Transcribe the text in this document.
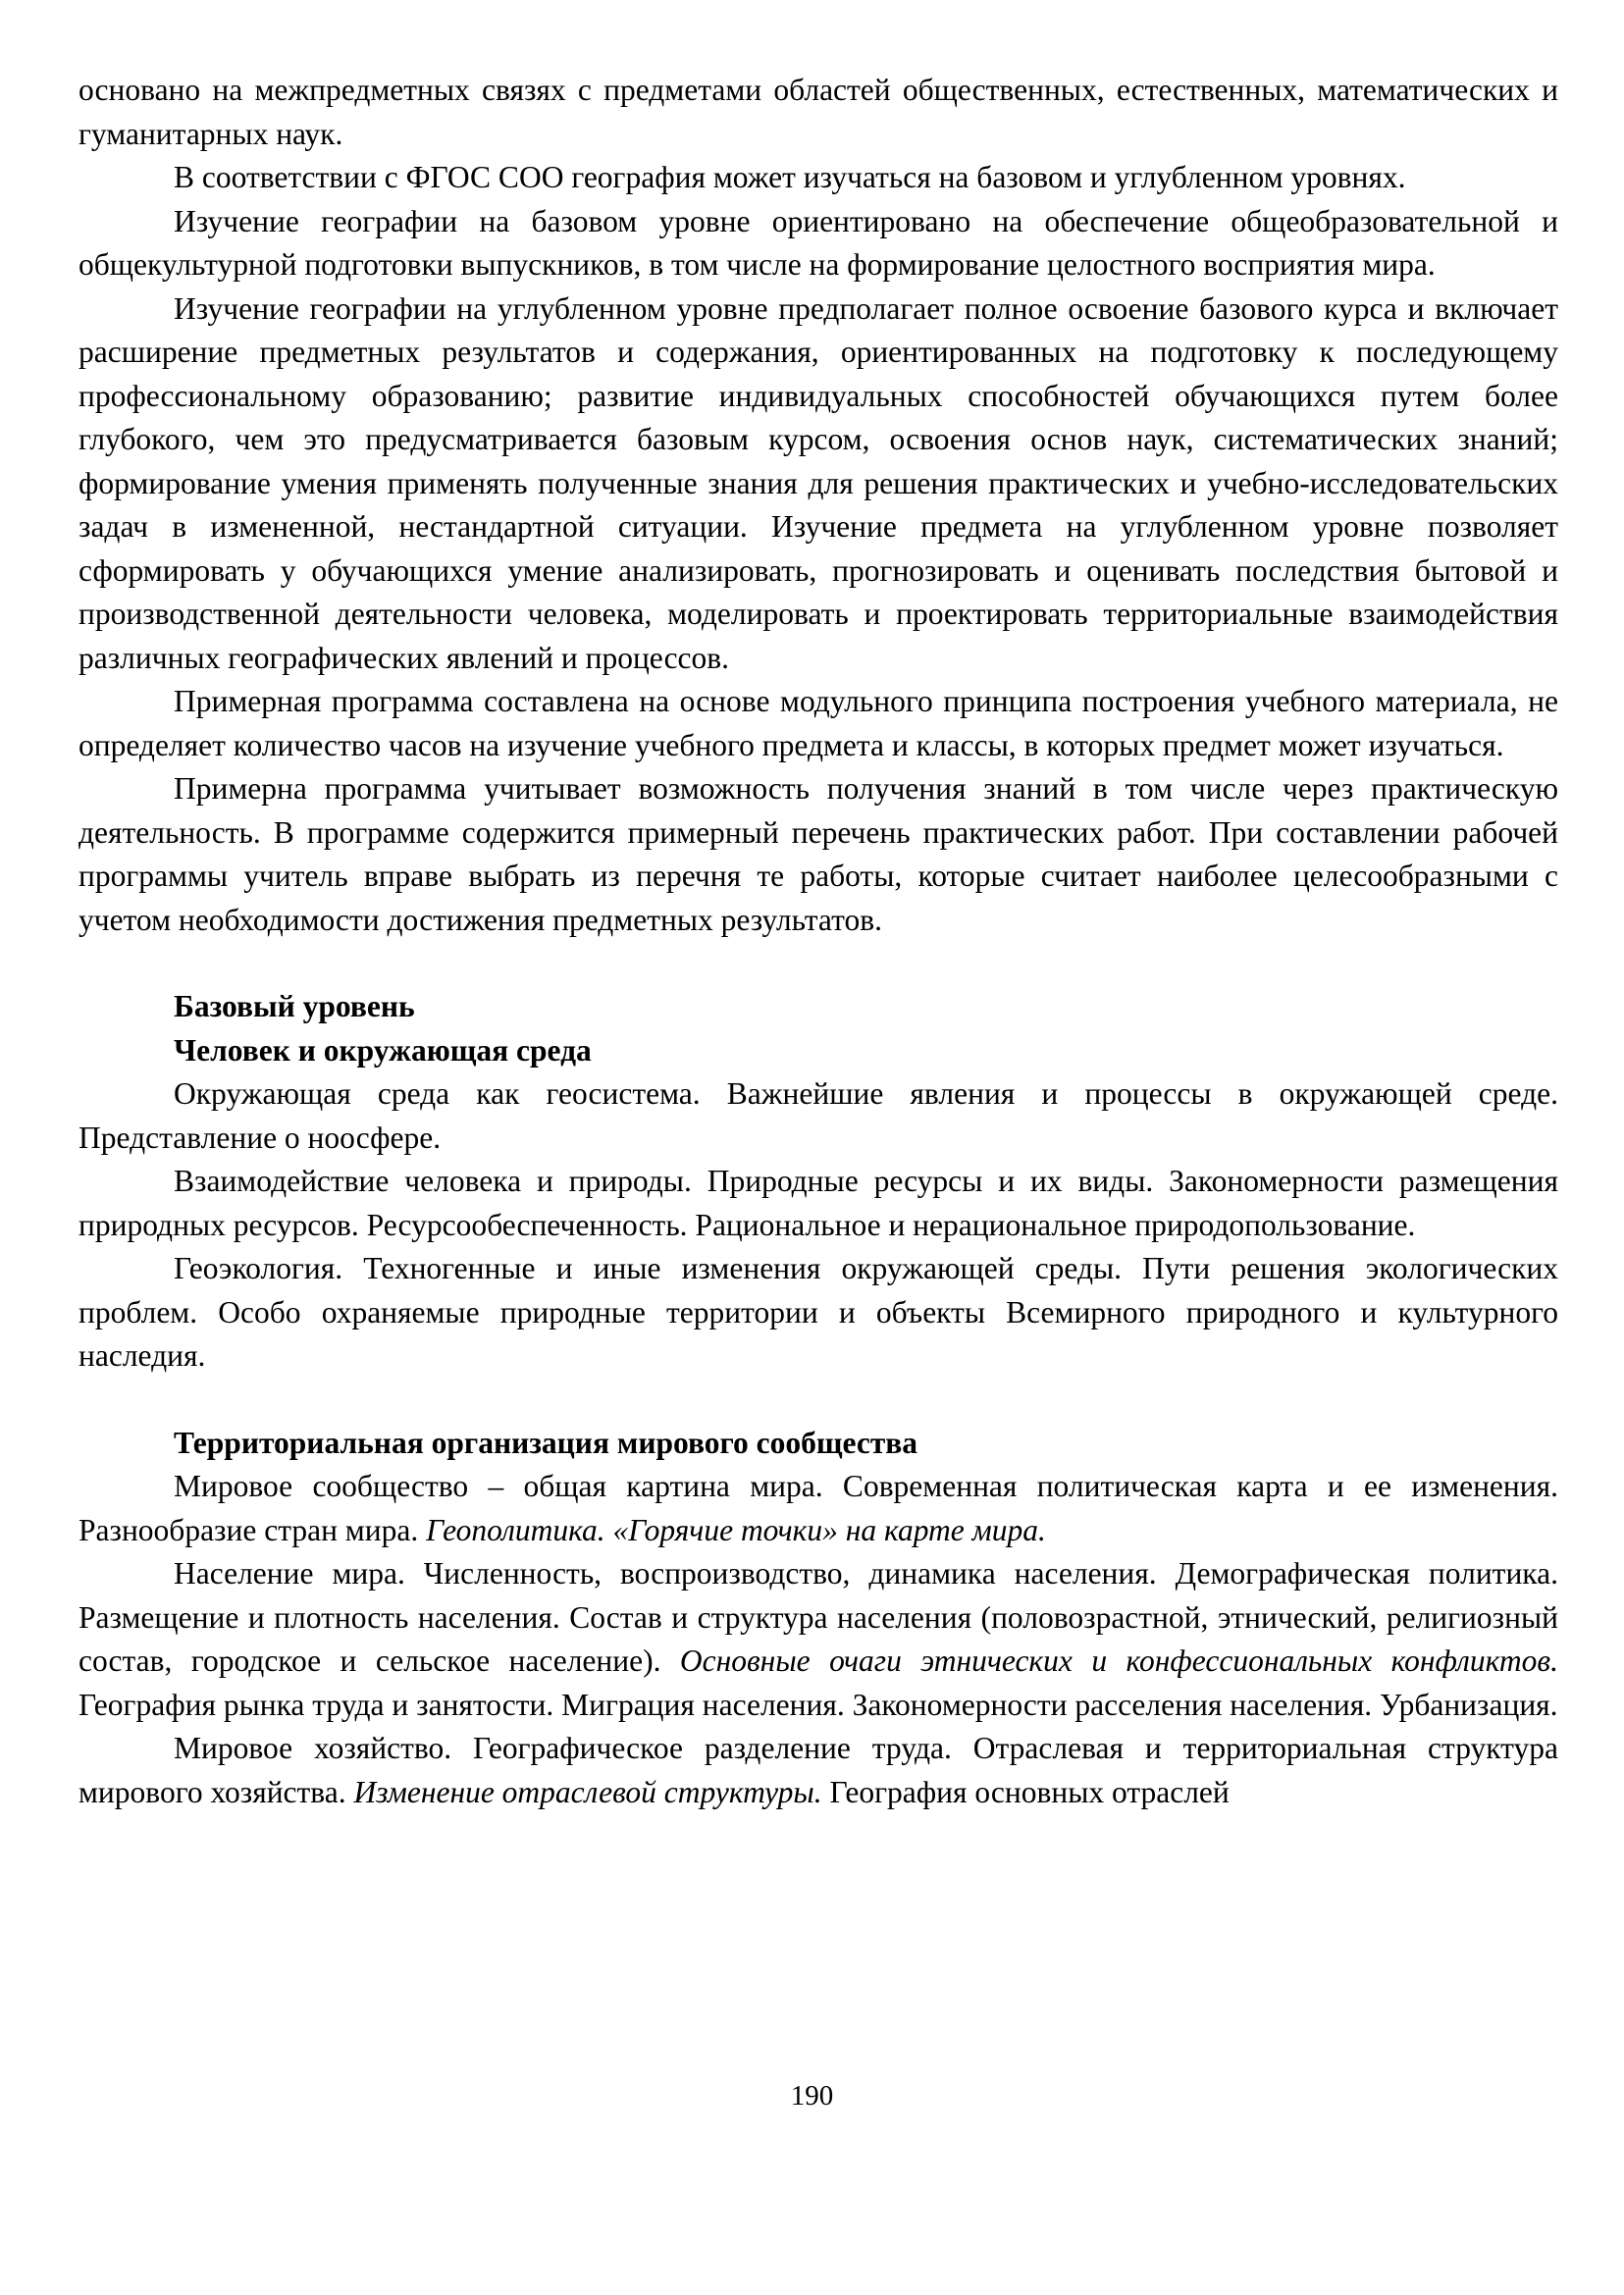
основано на межпредметных связях с предметами областей общественных, естественных, математических и гуманитарных наук.

В соответствии с ФГОС СОО география может изучаться на базовом и углубленном уровнях.

Изучение географии на базовом уровне ориентировано на обеспечение общеобразовательной и общекультурной подготовки выпускников, в том числе на формирование целостного восприятия мира.

Изучение географии на углубленном уровне предполагает полное освоение базового курса и включает расширение предметных результатов и содержания, ориентированных на подготовку к последующему профессиональному образованию; развитие индивидуальных способностей обучающихся путем более глубокого, чем это предусматривается базовым курсом, освоения основ наук, систематических знаний; формирование умения применять полученные знания для решения практических и учебно-исследовательских задач в измененной, нестандартной ситуации. Изучение предмета на углубленном уровне позволяет сформировать у обучающихся умение анализировать, прогнозировать и оценивать последствия бытовой и производственной деятельности человека, моделировать и проектировать территориальные взаимодействия различных географических явлений и процессов.

Примерная программа составлена на основе модульного принципа построения учебного материала, не определяет количество часов на изучение учебного предмета и классы, в которых предмет может изучаться.

Примерна программа учитывает возможность получения знаний в том числе через практическую деятельность. В программе содержится примерный перечень практических работ. При составлении рабочей программы учитель вправе выбрать из перечня те работы, которые считает наиболее целесообразными с учетом необходимости достижения предметных результатов.

Базовый уровень
Человек и окружающая среда

Окружающая среда как геосистема. Важнейшие явления и процессы в окружающей среде. Представление о ноосфере.

Взаимодействие человека и природы. Природные ресурсы и их виды. Закономерности размещения природных ресурсов. Ресурсообеспеченность. Рациональное и нерациональное природопользование.

Геоэкология. Техногенные и иные изменения окружающей среды. Пути решения экологических проблем. Особо охраняемые природные территории и объекты Всемирного природного и культурного наследия.

Территориальная организация мирового сообщества

Мировое сообщество – общая картина мира. Современная политическая карта и ее изменения. Разнообразие стран мира. Геополитика. «Горячие точки» на карте мира.

Население мира. Численность, воспроизводство, динамика населения. Демографическая политика. Размещение и плотность населения. Состав и структура населения (половозрастной, этнический, религиозный состав, городское и сельское население). Основные очаги этнических и конфессиональных конфликтов. География рынка труда и занятости. Миграция населения. Закономерности расселения населения. Урбанизация.

Мировое хозяйство. Географическое разделение труда. Отраслевая и территориальная структура мирового хозяйства. Изменение отраслевой структуры. География основных отраслей

190
